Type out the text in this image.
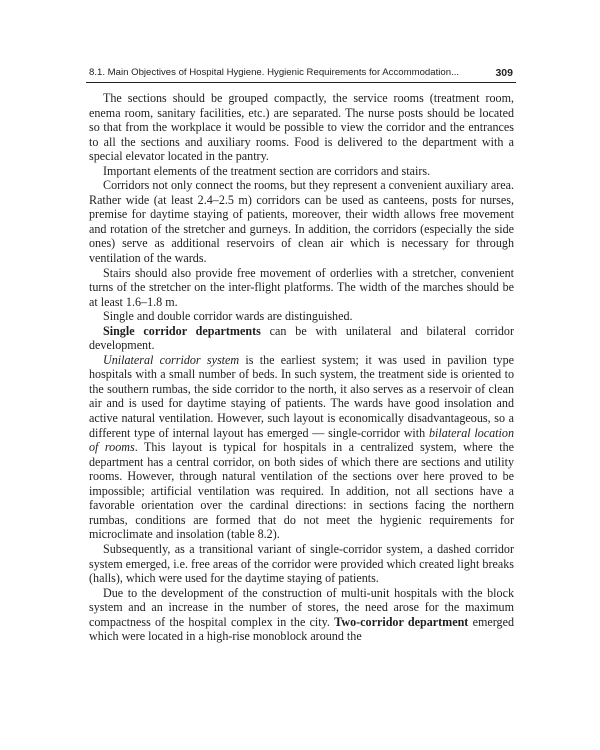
8.1. Main Objectives of Hospital Hygiene. Hygienic Requirements for Accommodation...	309

The sections should be grouped compactly, the service rooms (treatment room, enema room, sanitary facilities, etc.) are separated. The nurse posts should be located so that from the workplace it would be possible to view the corridor and the entrances to all the sections and auxiliary rooms. Food is delivered to the department with a special elevator located in the pantry.

Important elements of the treatment section are corridors and stairs.

Corridors not only connect the rooms, but they represent a convenient auxiliary area. Rather wide (at least 2.4–2.5 m) corridors can be used as canteens, posts for nurses, premise for daytime staying of patients, moreover, their width allows free movement and rotation of the stretcher and gurneys. In addition, the corridors (especially the side ones) serve as additional reservoirs of clean air which is necessary for through ventilation of the wards.

Stairs should also provide free movement of orderlies with a stretcher, convenient turns of the stretcher on the inter-flight platforms. The width of the marches should be at least 1.6–1.8 m.

Single and double corridor wards are distinguished.

Single corridor departments can be with unilateral and bilateral corridor development.

Unilateral corridor system is the earliest system; it was used in pavilion type hospitals with a small number of beds. In such system, the treatment side is oriented to the southern rumbas, the side corridor to the north, it also serves as a reservoir of clean air and is used for daytime staying of patients. The wards have good insolation and active natural ventilation. However, such layout is economically disadvantageous, so a different type of internal layout has emerged — single-corridor with bilateral location of rooms. This layout is typical for hospitals in a centralized system, where the department has a central corridor, on both sides of which there are sections and utility rooms. However, through natural ventilation of the sections over here proved to be impossible; artificial ventilation was required. In addition, not all sections have a favorable orientation over the cardinal directions: in sections facing the northern rumbas, conditions are formed that do not meet the hygienic requirements for microclimate and insolation (table 8.2).

Subsequently, as a transitional variant of single-corridor system, a dashed corridor system emerged, i.e. free areas of the corridor were provided which created light breaks (halls), which were used for the daytime staying of patients.

Due to the development of the construction of multi-unit hospitals with the block system and an increase in the number of stores, the need arose for the maximum compactness of the hospital complex in the city. Two-corridor department emerged which were located in a high-rise monoblock around the
